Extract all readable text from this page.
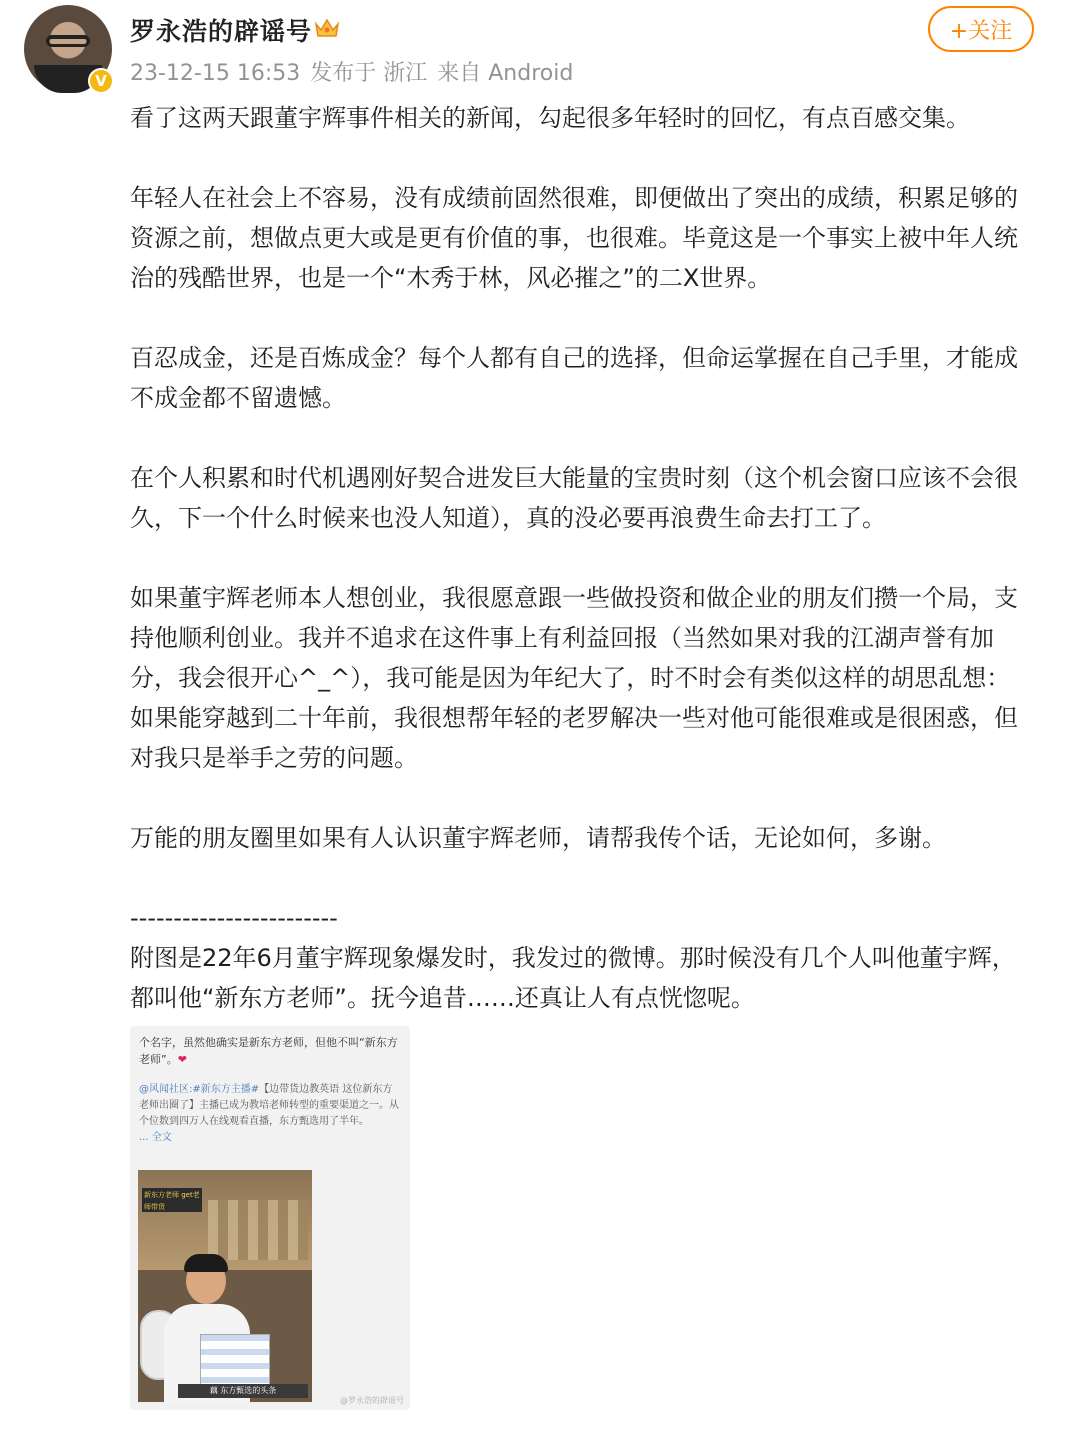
V
罗永浩的辟谣号
23-12-15 16:53 发布于 浙江 来自 Android
+关注

看了这两天跟董宇辉事件相关的新闻，勾起很多年轻时的回忆，有点百感交集。

年轻人在社会上不容易，没有成绩前固然很难，即便做出了突出的成绩，积累足够的资源之前，想做点更大或是更有价值的事，也很难。毕竟这是一个事实上被中年人统治的残酷世界，也是一个“木秀于林，风必摧之”的二X世界。

百忍成金，还是百炼成金？每个人都有自己的选择，但命运掌握在自己手里，才能成不成金都不留遗憾。

在个人积累和时代机遇刚好契合进发巨大能量的宝贵时刻（这个机会窗口应该不会很久，下一个什么时候来也没人知道），真的没必要再浪费生命去打工了。

如果董宇辉老师本人想创业，我很愿意跟一些做投资和做企业的朋友们攒一个局，支持他顺利创业。我并不追求在这件事上有利益回报（当然如果对我的江湖声誉有加分，我会很开心^_^），我可能是因为年纪大了，时不时会有类似这样的胡思乱想：如果能穿越到二十年前，我很想帮年轻的老罗解决一些对他可能很难或是很困惑，但对我只是举手之劳的问题。

万能的朋友圈里如果有人认识董宇辉老师，请帮我传个话，无论如何，多谢。

------------------------

附图是22年6月董宇辉现象爆发时，我发过的微博。那时候没有几个人叫他董宇辉，都叫他“新东方老师”。抚今追昔……还真让人有点恍惚呢。

个名字，虽然他确实是新东方老师，但他不叫“新东方老师”。❤
@风闻社区:#新东方主播#【边带货边教英语 这位新东方老师出圈了】主播已成为教培老师转型的重要渠道之一。从个位数到四万人在线观看直播，东方甄选用了半年。
... 全文
新东方老师 get老师带货
藕 东方甄选的头条
@罗永浩的辟谣号
